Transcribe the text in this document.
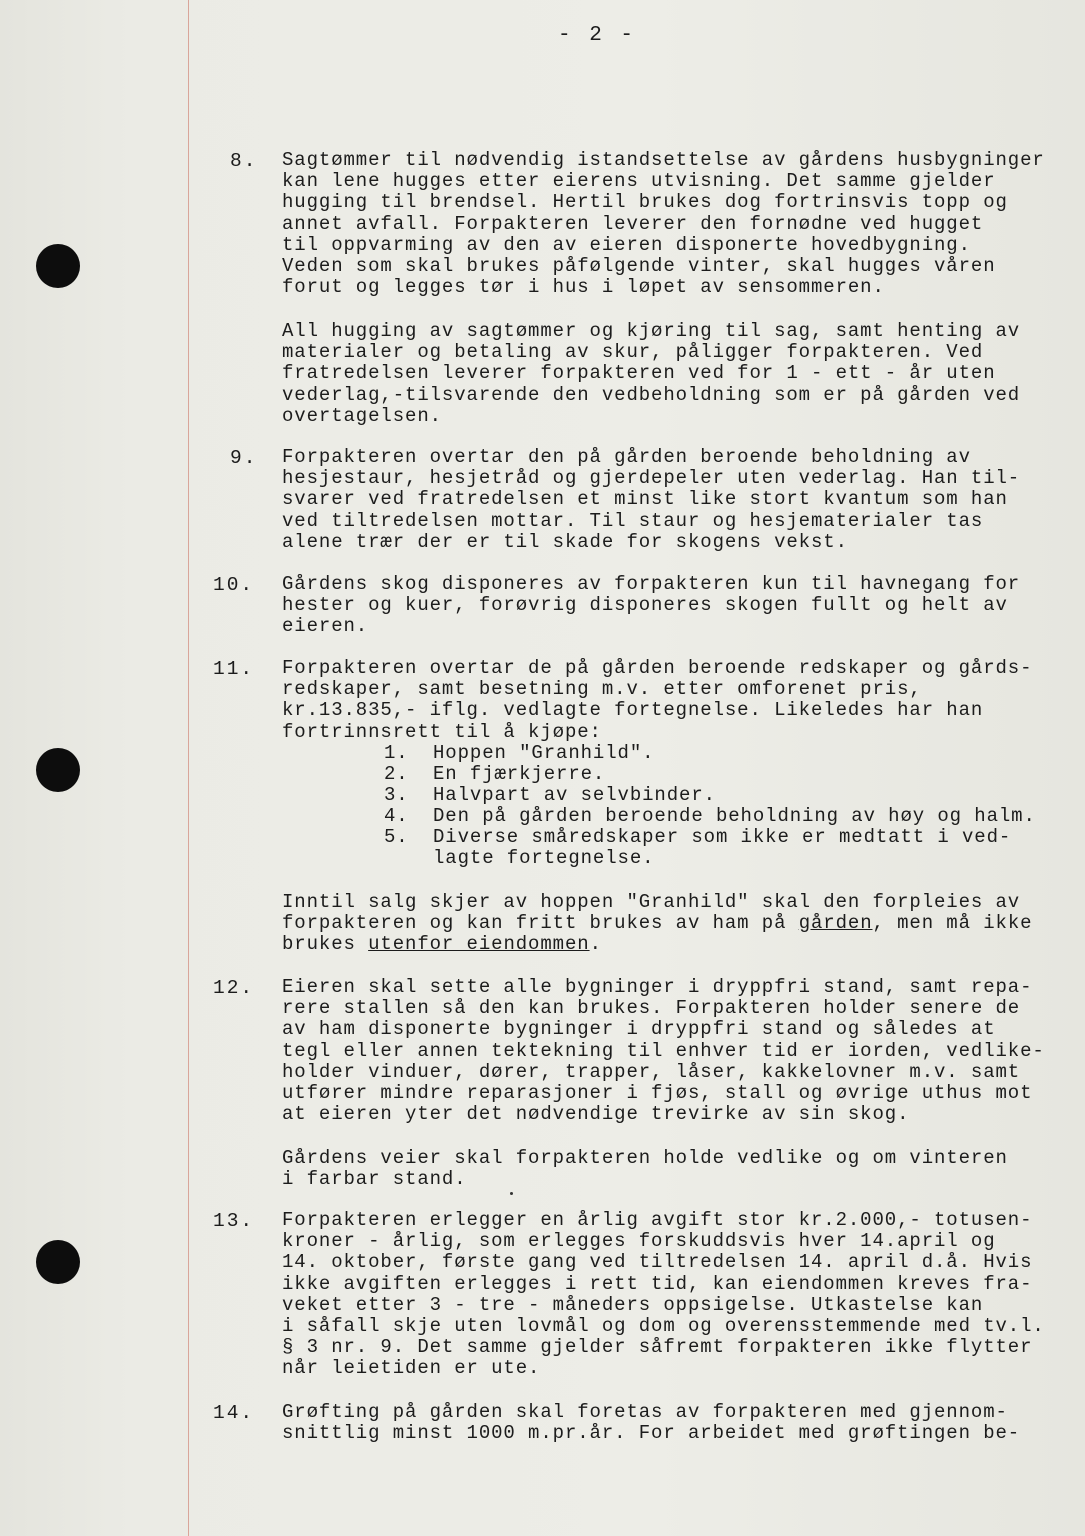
- 2 -
8. Sagtømmer til nødvendig istandsettelse av gårdens husbygninger
kan lene hugges etter eierens utvisning. Det samme gjelder
hugging til brendsel. Hertil brukes dog fortrinsvis topp og
annet avfall. Forpakteren leverer den fornødne ved hugget
til oppvarming av den av eieren disponerte hovedbygning.
Veden som skal brukes påfølgende vinter, skal hugges våren
forut og legges tør i hus i løpet av sensommeren.
All hugging av sagtømmer og kjøring til sag, samt henting av
materialer og betaling av skur, påligger forpakteren. Ved
fratredelsen leverer forpakteren ved for 1 - ett - år uten
vederlag,-tilsvarende den vedbeholdning som er på gården ved
overtagelsen.
9. Forpakteren overtar den på gården beroende beholdning av
hesjestaur, hesjetråd og gjerdepeler uten vederlag. Han til-
svarer ved fratredelsen et minst like stort kvantum som han
ved tiltredelsen mottar. Til staur og hesjematerialer tas
alene trær der er til skade for skogens vekst.
10. Gårdens skog disponeres av forpakteren kun til havnegang for
hester og kuer, forøvrig disponeres skogen fullt og helt av
eieren.
11. Forpakteren overtar de på gården beroende redskaper og gårds-
redskaper, samt besetning m.v. etter omforenet pris,
kr.13.835,- iflg. vedlagte fortegnelse. Likeledes har han
fortrinnsrett til å kjøpe:
1. Hoppen "Granhild".
2. En fjærkjerre.
3. Halvpart av selvbinder.
4. Den på gården beroende beholdning av høy og halm.
5. Diverse småredskaper som ikke er medtatt i ved-
lagte fortegnelse.
Inntil salg skjer av hoppen "Granhild" skal den forpleies av
forpakteren og kan fritt brukes av ham på gården, men må ikke
brukes utenfor eiendommen.
12. Eieren skal sette alle bygninger i dryppfri stand, samt repa-
rere stallen så den kan brukes. Forpakteren holder senere de
av ham disponerte bygninger i dryppfri stand og således at
tegl eller annen tektekning til enhver tid er iorden, vedlike-
holder vinduer, dører, trapper, låser, kakkelovner m.v. samt
utfører mindre reparasjoner i fjøs, stall og øvrige uthus mot
at eieren yter det nødvendige trevirke av sin skog.
Gårdens veier skal forpakteren holde vedlike og om vinteren
i farbar stand.
13. Forpakteren erlegger en årlig avgift stor kr.2.000,- totusen-
kroner - årlig, som erlegges forskuddsvis hver 14.april og
14. oktober, første gang ved tiltredelsen 14. april d.å. Hvis
ikke avgiften erlegges i rett tid, kan eiendommen kreves fra-
veket etter 3 - tre - måneders oppsigelse. Utkastelse kan
i såfall skje uten lovmål og dom og overensstemmende med tv.l.
§ 3 nr. 9. Det samme gjelder såfremt forpakteren ikke flytter
når leietiden er ute.
14. Grøfting på gården skal foretas av forpakteren med gjennom-
snittlig minst 1000 m.pr.år. For arbeidet med grøftingen be-
